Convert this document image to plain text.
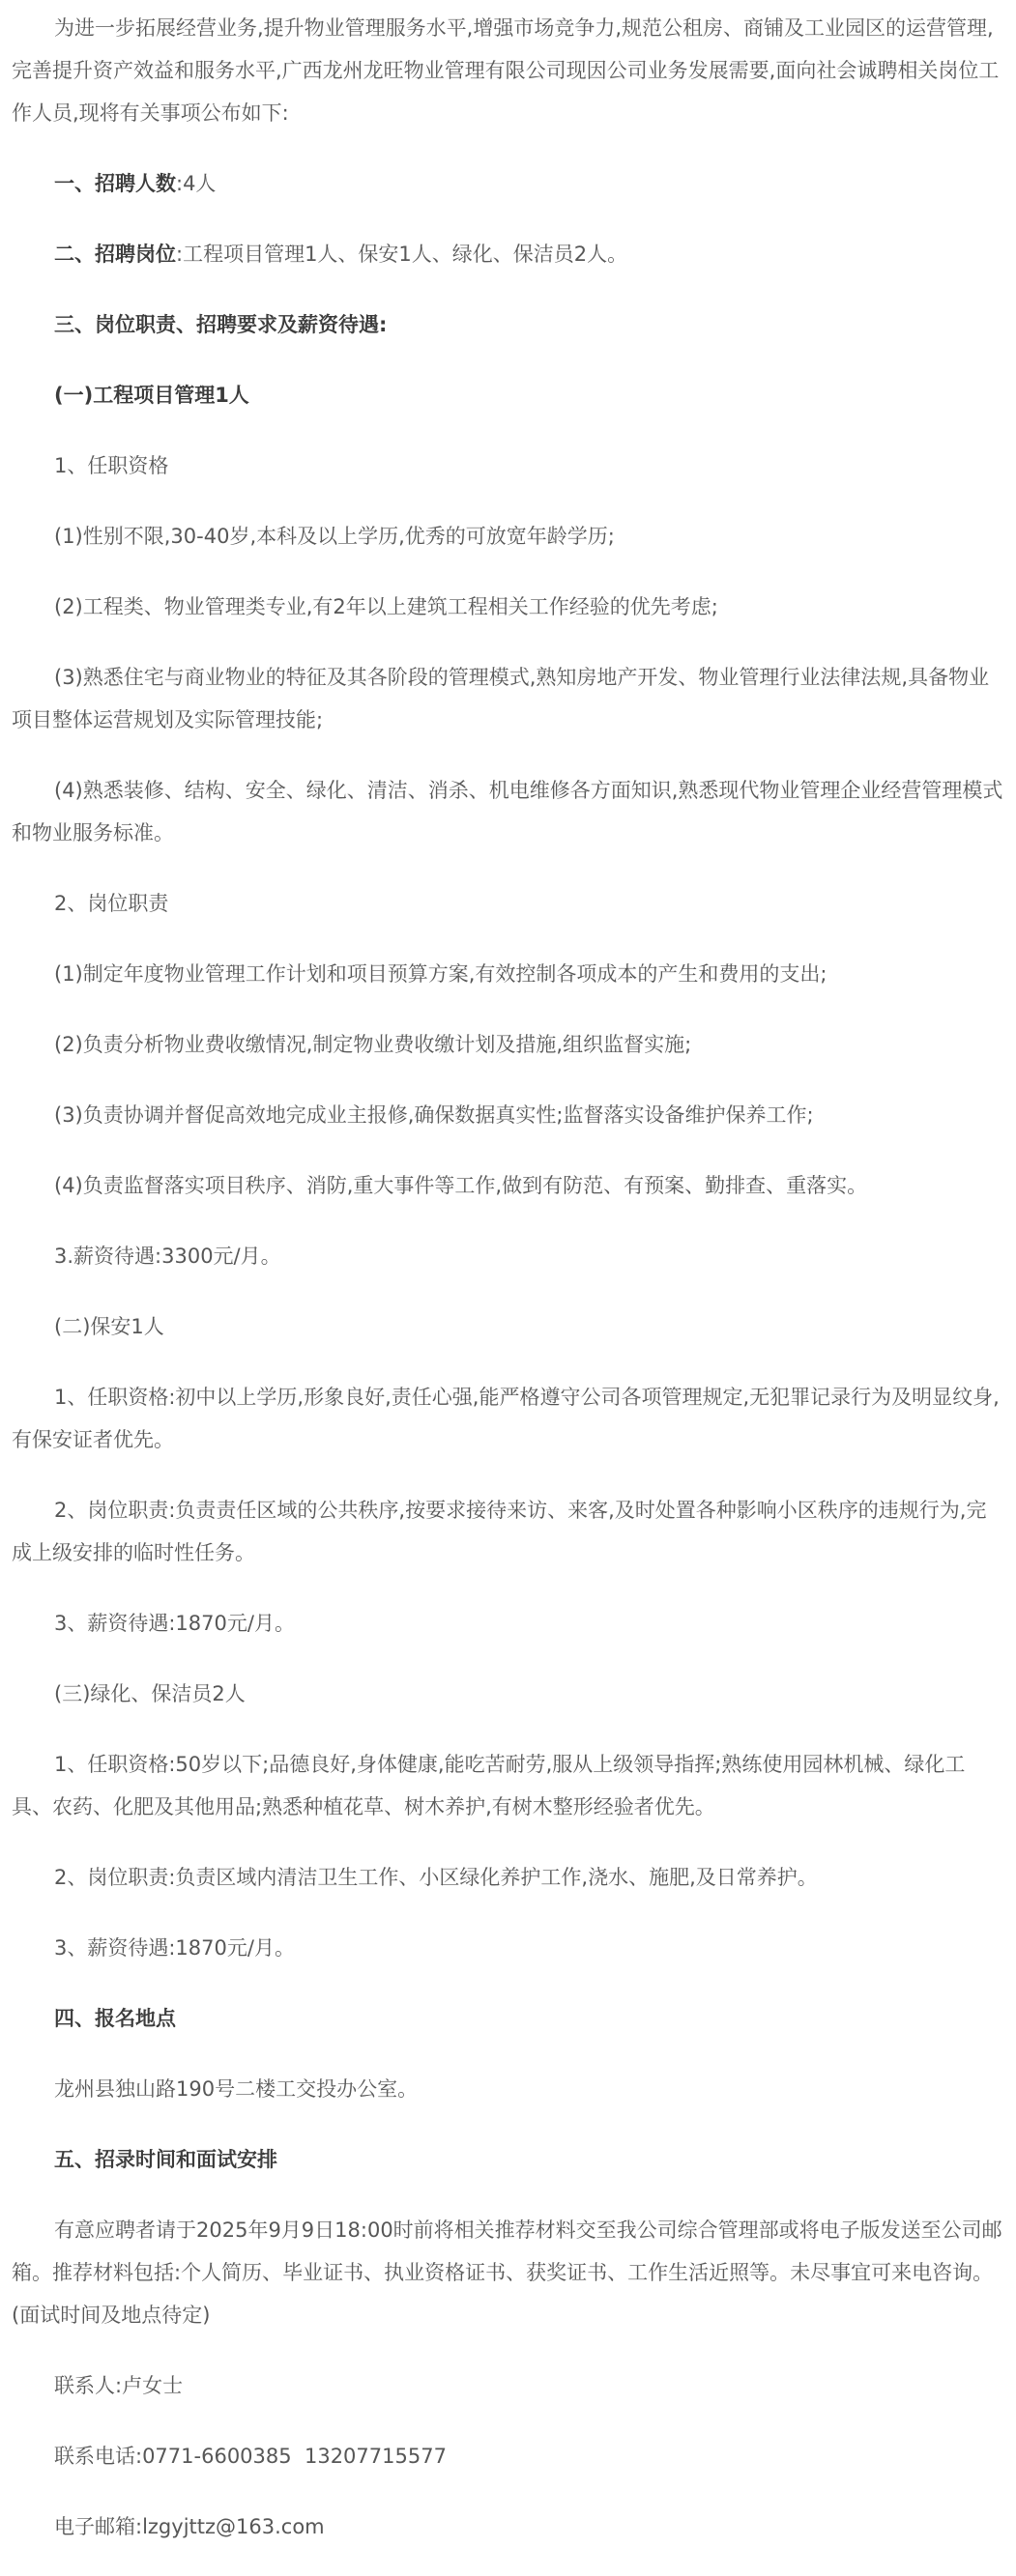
为进一步拓展经营业务,提升物业管理服务水平,增强市场竞争力,规范公租房、商铺及工业园区的运营管理,完善提升资产效益和服务水平,广西龙州龙旺物业管理有限公司现因公司业务发展需要,面向社会诚聘相关岗位工作人员,现将有关事项公布如下:

一、招聘人数:4人

二、招聘岗位:工程项目管理1人、保安1人、绿化、保洁员2人。

三、岗位职责、招聘要求及薪资待遇:

(一)工程项目管理1人

1、任职资格

(1)性别不限,30-40岁,本科及以上学历,优秀的可放宽年龄学历;

(2)工程类、物业管理类专业,有2年以上建筑工程相关工作经验的优先考虑;

(3)熟悉住宅与商业物业的特征及其各阶段的管理模式,熟知房地产开发、物业管理行业法律法规,具备物业项目整体运营规划及实际管理技能;

(4)熟悉装修、结构、安全、绿化、清洁、消杀、机电维修各方面知识,熟悉现代物业管理企业经营管理模式和物业服务标准。

2、岗位职责

(1)制定年度物业管理工作计划和项目预算方案,有效控制各项成本的产生和费用的支出;

(2)负责分析物业费收缴情况,制定物业费收缴计划及措施,组织监督实施;

(3)负责协调并督促高效地完成业主报修,确保数据真实性;监督落实设备维护保养工作;

(4)负责监督落实项目秩序、消防,重大事件等工作,做到有防范、有预案、勤排查、重落实。

3.薪资待遇:3300元/月。

(二)保安1人

1、任职资格:初中以上学历,形象良好,责任心强,能严格遵守公司各项管理规定,无犯罪记录行为及明显纹身,有保安证者优先。

2、岗位职责:负责责任区域的公共秩序,按要求接待来访、来客,及时处置各种影响小区秩序的违规行为,完成上级安排的临时性任务。

3、薪资待遇:1870元/月。

(三)绿化、保洁员2人

1、任职资格:50岁以下;品德良好,身体健康,能吃苦耐劳,服从上级领导指挥;熟练使用园林机械、绿化工具、农药、化肥及其他用品;熟悉种植花草、树木养护,有树木整形经验者优先。

2、岗位职责:负责区域内清洁卫生工作、小区绿化养护工作,浇水、施肥,及日常养护。

3、薪资待遇:1870元/月。

四、报名地点

龙州县独山路190号二楼工交投办公室。

五、招录时间和面试安排

有意应聘者请于2025年9月9日18:00时前将相关推荐材料交至我公司综合管理部或将电子版发送至公司邮箱。推荐材料包括:个人简历、毕业证书、执业资格证书、获奖证书、工作生活近照等。未尽事宜可来电咨询。(面试时间及地点待定)

联系人:卢女士

联系电话:0771-6600385  13207715577

电子邮箱:lzgyjttz@163.com
